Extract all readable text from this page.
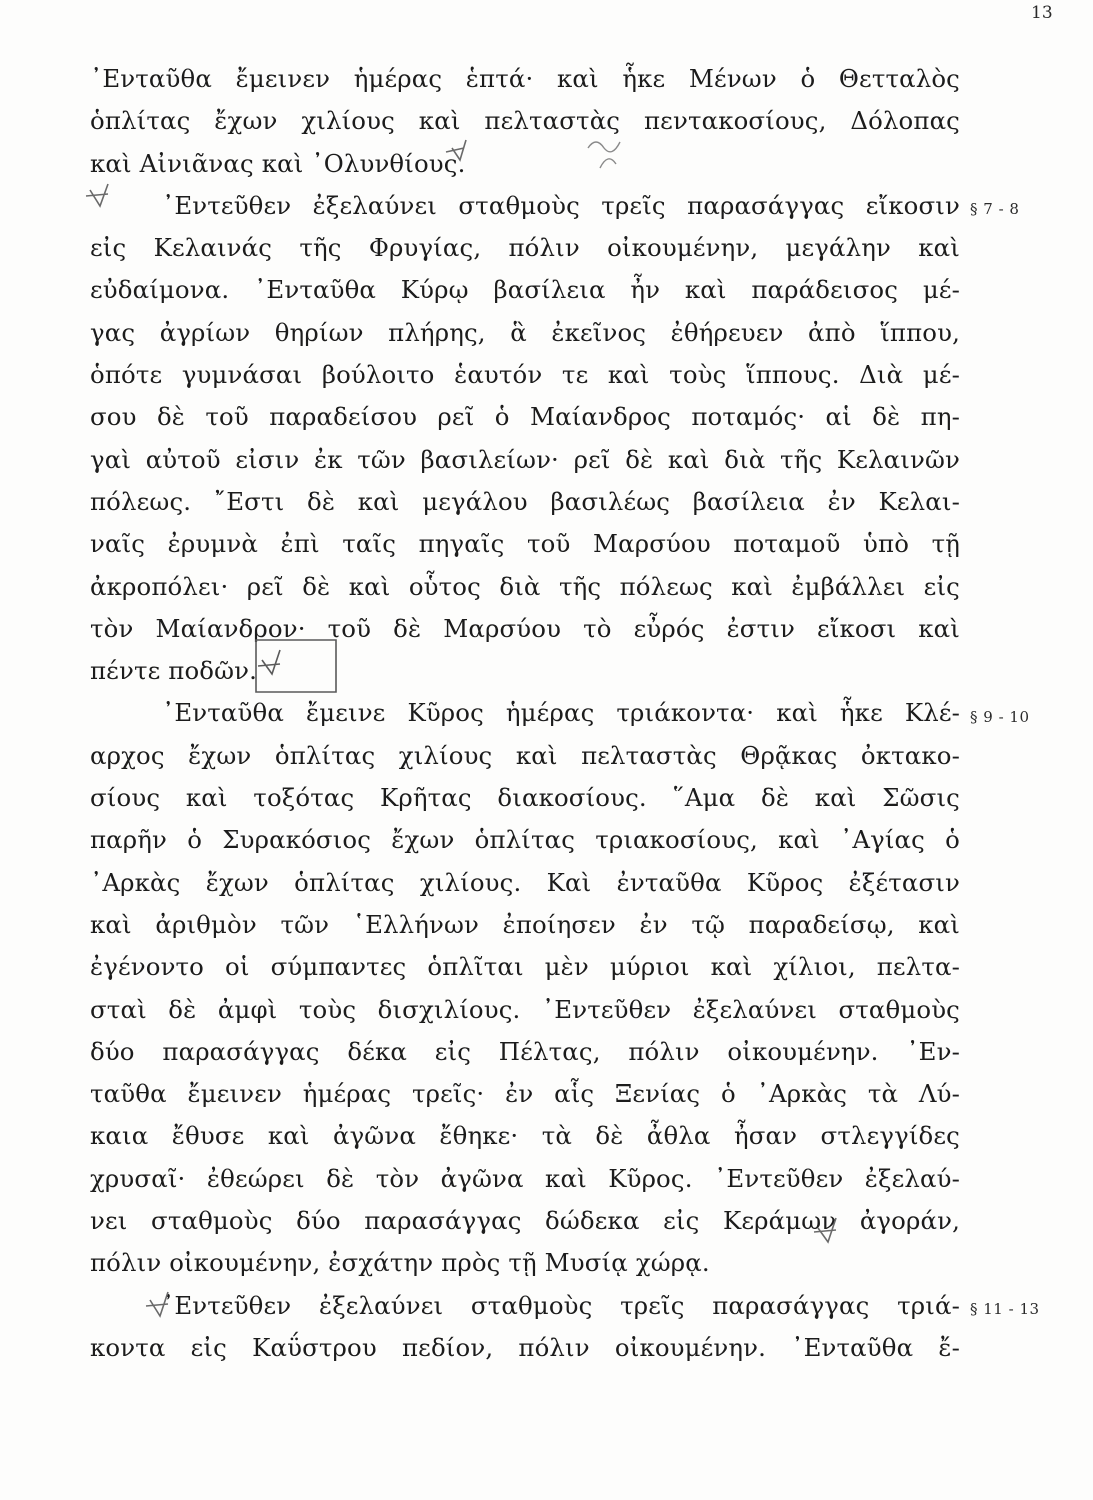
13
᾿Ενταῦθα ἔμεινεν ἡμέρας ἑπτά· καὶ ἧκε Μένων ὁ Θετταλὸς
ὁπλίτας ἔχων χιλίους καὶ πελταστὰς πεντακοσίους, Δόλοπας
καὶ Αἰνιᾶνας καὶ ᾿Ολυνθίους.
᾿Εντεῦθεν ἐξελαύνει σταθμοὺς τρεῖς παρασάγγας εἴκοσιν
εἰς Κελαινάς τῆς Φρυγίας, πόλιν οἰκουμένην, μεγάλην καὶ
εὐδαίμονα. ᾿Ενταῦθα Κύρῳ βασίλεια ἦν καὶ παράδεισος μέ-
γας ἀγρίων θηρίων πλήρης, ἃ ἐκεῖνος ἐθήρευεν ἀπὸ ἵππου,
ὁπότε γυμνάσαι βούλοιτο ἑαυτόν τε καὶ τοὺς ἵππους. Διὰ μέ-
σου δὲ τοῦ παραδείσου ρεῖ ὁ Μαίανδρος ποταμός· αἱ δὲ πη-
γαὶ αὐτοῦ εἰσιν ἐκ τῶν βασιλείων· ρεῖ δὲ καὶ διὰ τῆς Κελαινῶν
πόλεως. ῎Εστι δὲ καὶ μεγάλου βασιλέως βασίλεια ἐν Κελαι-
ναῖς ἐρυμνὰ ἐπὶ ταῖς πηγαῖς τοῦ Μαρσύου ποταμοῦ ὑπὸ τῇ
ἀκροπόλει· ρεῖ δὲ καὶ οὗτος διὰ τῆς πόλεως καὶ ἐμβάλλει εἰς
τὸν Μαίανδρον· τοῦ δὲ Μαρσύου τὸ εὖρός ἐστιν εἴκοσι καὶ
πέντε ποδῶν.
᾿Ενταῦθα ἔμεινε Κῦρος ἡμέρας τριάκοντα· καὶ ἧκε Κλέ-
αρχος ἔχων ὁπλίτας χιλίους καὶ πελταστὰς Θρᾷκας ὀκτακο-
σίους καὶ τοξότας Κρῆτας διακοσίους. ῞Αμα δὲ καὶ Σῶσις
παρῆν ὁ Συρακόσιος ἔχων ὁπλίτας τριακοσίους, καὶ ᾿Αγίας ὁ
᾿Αρκὰς ἔχων ὁπλίτας χιλίους. Καὶ ἐνταῦθα Κῦρος ἐξέτασιν
καὶ ἀριθμὸν τῶν ῾Ελλήνων ἐποίησεν ἐν τῷ παραδείσῳ, καὶ
ἐγένοντο οἱ σύμπαντες ὁπλῖται μὲν μύριοι καὶ χίλιοι, πελτα-
σταὶ δὲ ἀμφὶ τοὺς δισχιλίους. ᾿Εντεῦθεν ἐξελαύνει σταθμοὺς
δύο παρασάγγας δέκα εἰς Πέλτας, πόλιν οἰκουμένην. ᾿Εν-
ταῦθα ἔμεινεν ἡμέρας τρεῖς· ἐν αἷς Ξενίας ὁ ᾿Αρκὰς τὰ Λύ-
καια ἔθυσε καὶ ἀγῶνα ἔθηκε· τὰ δὲ ἆθλα ἦσαν στλεγγίδες
χρυσαῖ· ἐθεώρει δὲ τὸν ἀγῶνα καὶ Κῦρος. ᾿Εντεῦθεν ἐξελαύ-
νει σταθμοὺς δύο παρασάγγας δώδεκα εἰς Κεράμων ἀγοράν,
πόλιν οἰκουμένην, ἐσχάτην πρὸς τῇ Μυσίᾳ χώρᾳ.
᾿Εντεῦθεν ἐξελαύνει σταθμοὺς τρεῖς παρασάγγας τριά-
κοντα εἰς Καΰστρου πεδίον, πόλιν οἰκουμένην. ᾿Ενταῦθα ἔ-
§ 7 - 8
§ 9 - 10
§ 11 - 13
